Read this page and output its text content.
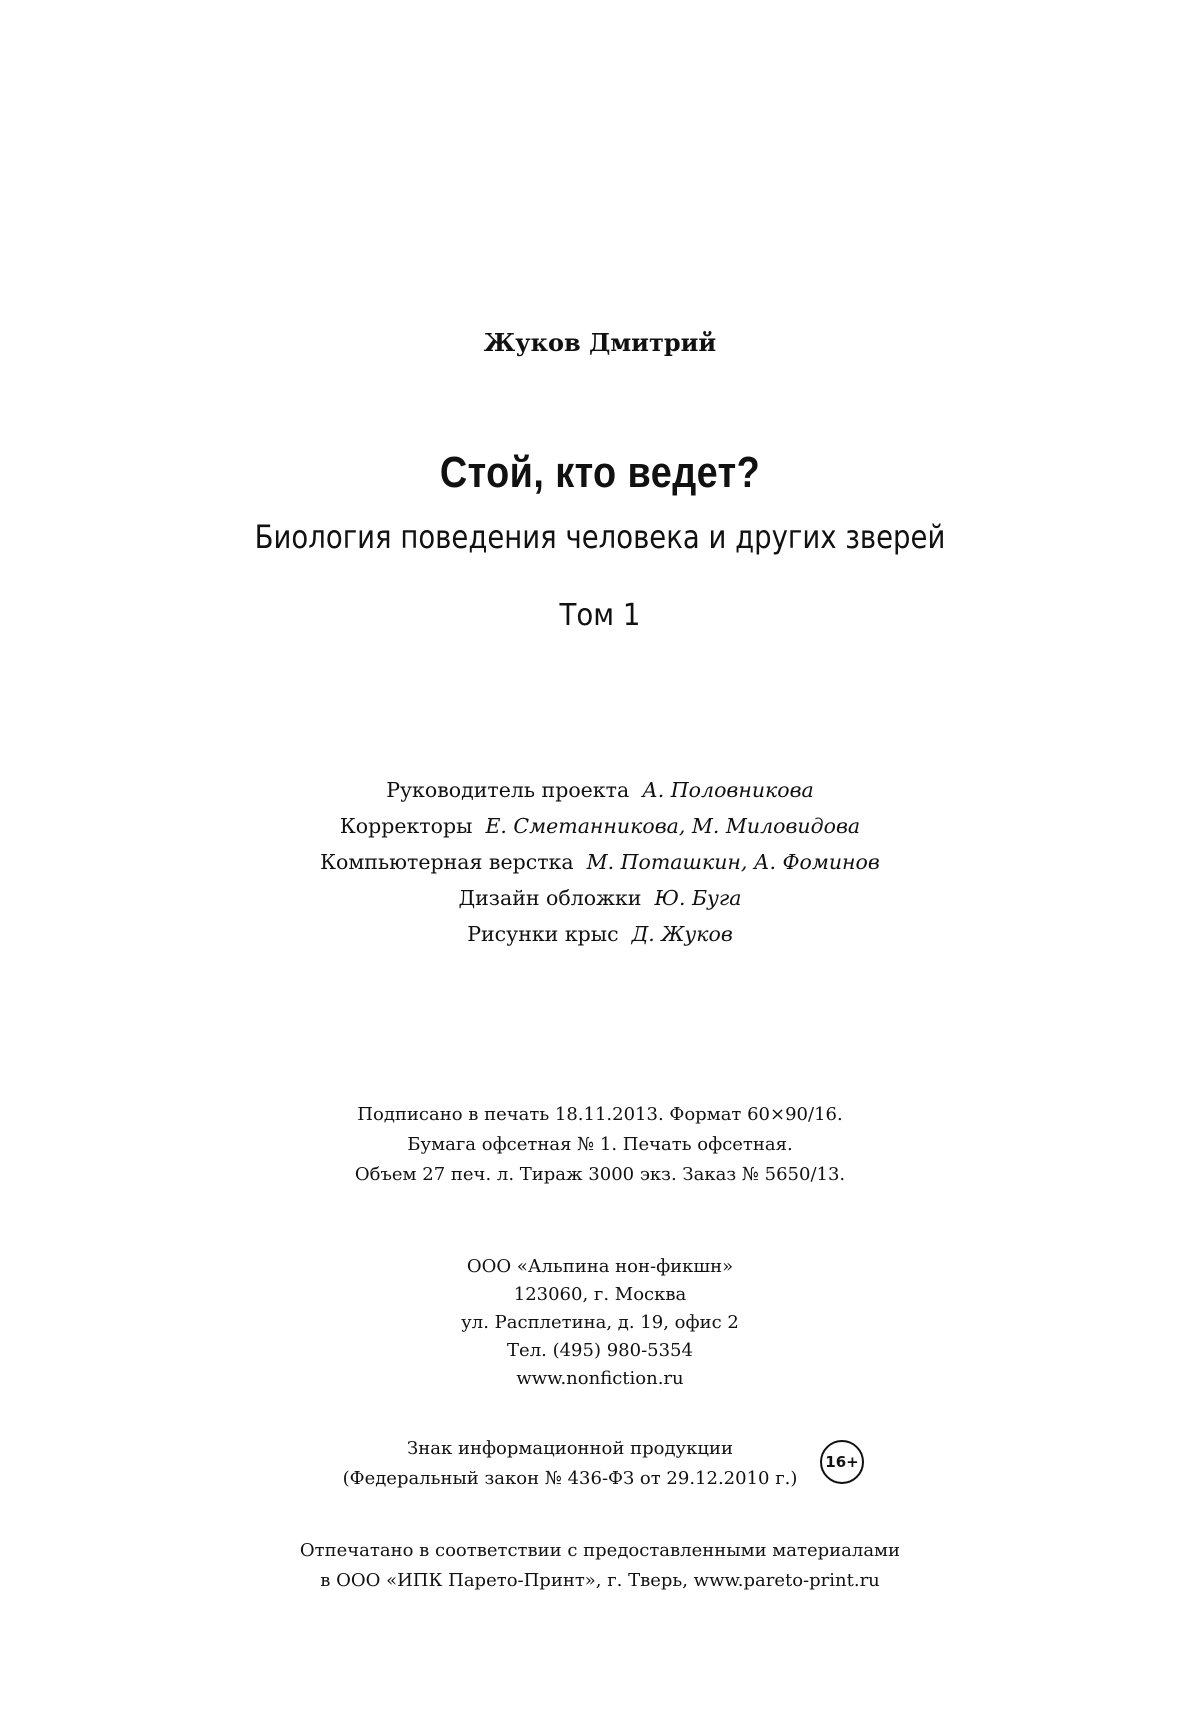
Жуков Дмитрий
Стой, кто ведет?
Биология поведения человека и других зверей
Том 1
Руководитель проекта А. Половникова
Корректоры Е. Сметанникова, М. Миловидова
Компьютерная верстка М. Поташкин, А. Фоминов
Дизайн обложки Ю. Буга
Рисунки крыс Д. Жуков
Подписано в печать 18.11.2013. Формат 60×90/16.
Бумага офсетная № 1. Печать офсетная.
Объем 27 печ. л. Тираж 3000 экз. Заказ № 5650/13.
ООО «Альпина нон-фикшн»
123060, г. Москва
ул. Расплетина, д. 19, офис 2
Тел. (495) 980-5354
www.nonfiction.ru
Знак информационной продукции
(Федеральный закон № 436-ФЗ от 29.12.2010 г.)
16+
Отпечатано в соответствии с предоставленными материалами
в ООО «ИПК Парето-Принт», г. Тверь, www.pareto-print.ru
